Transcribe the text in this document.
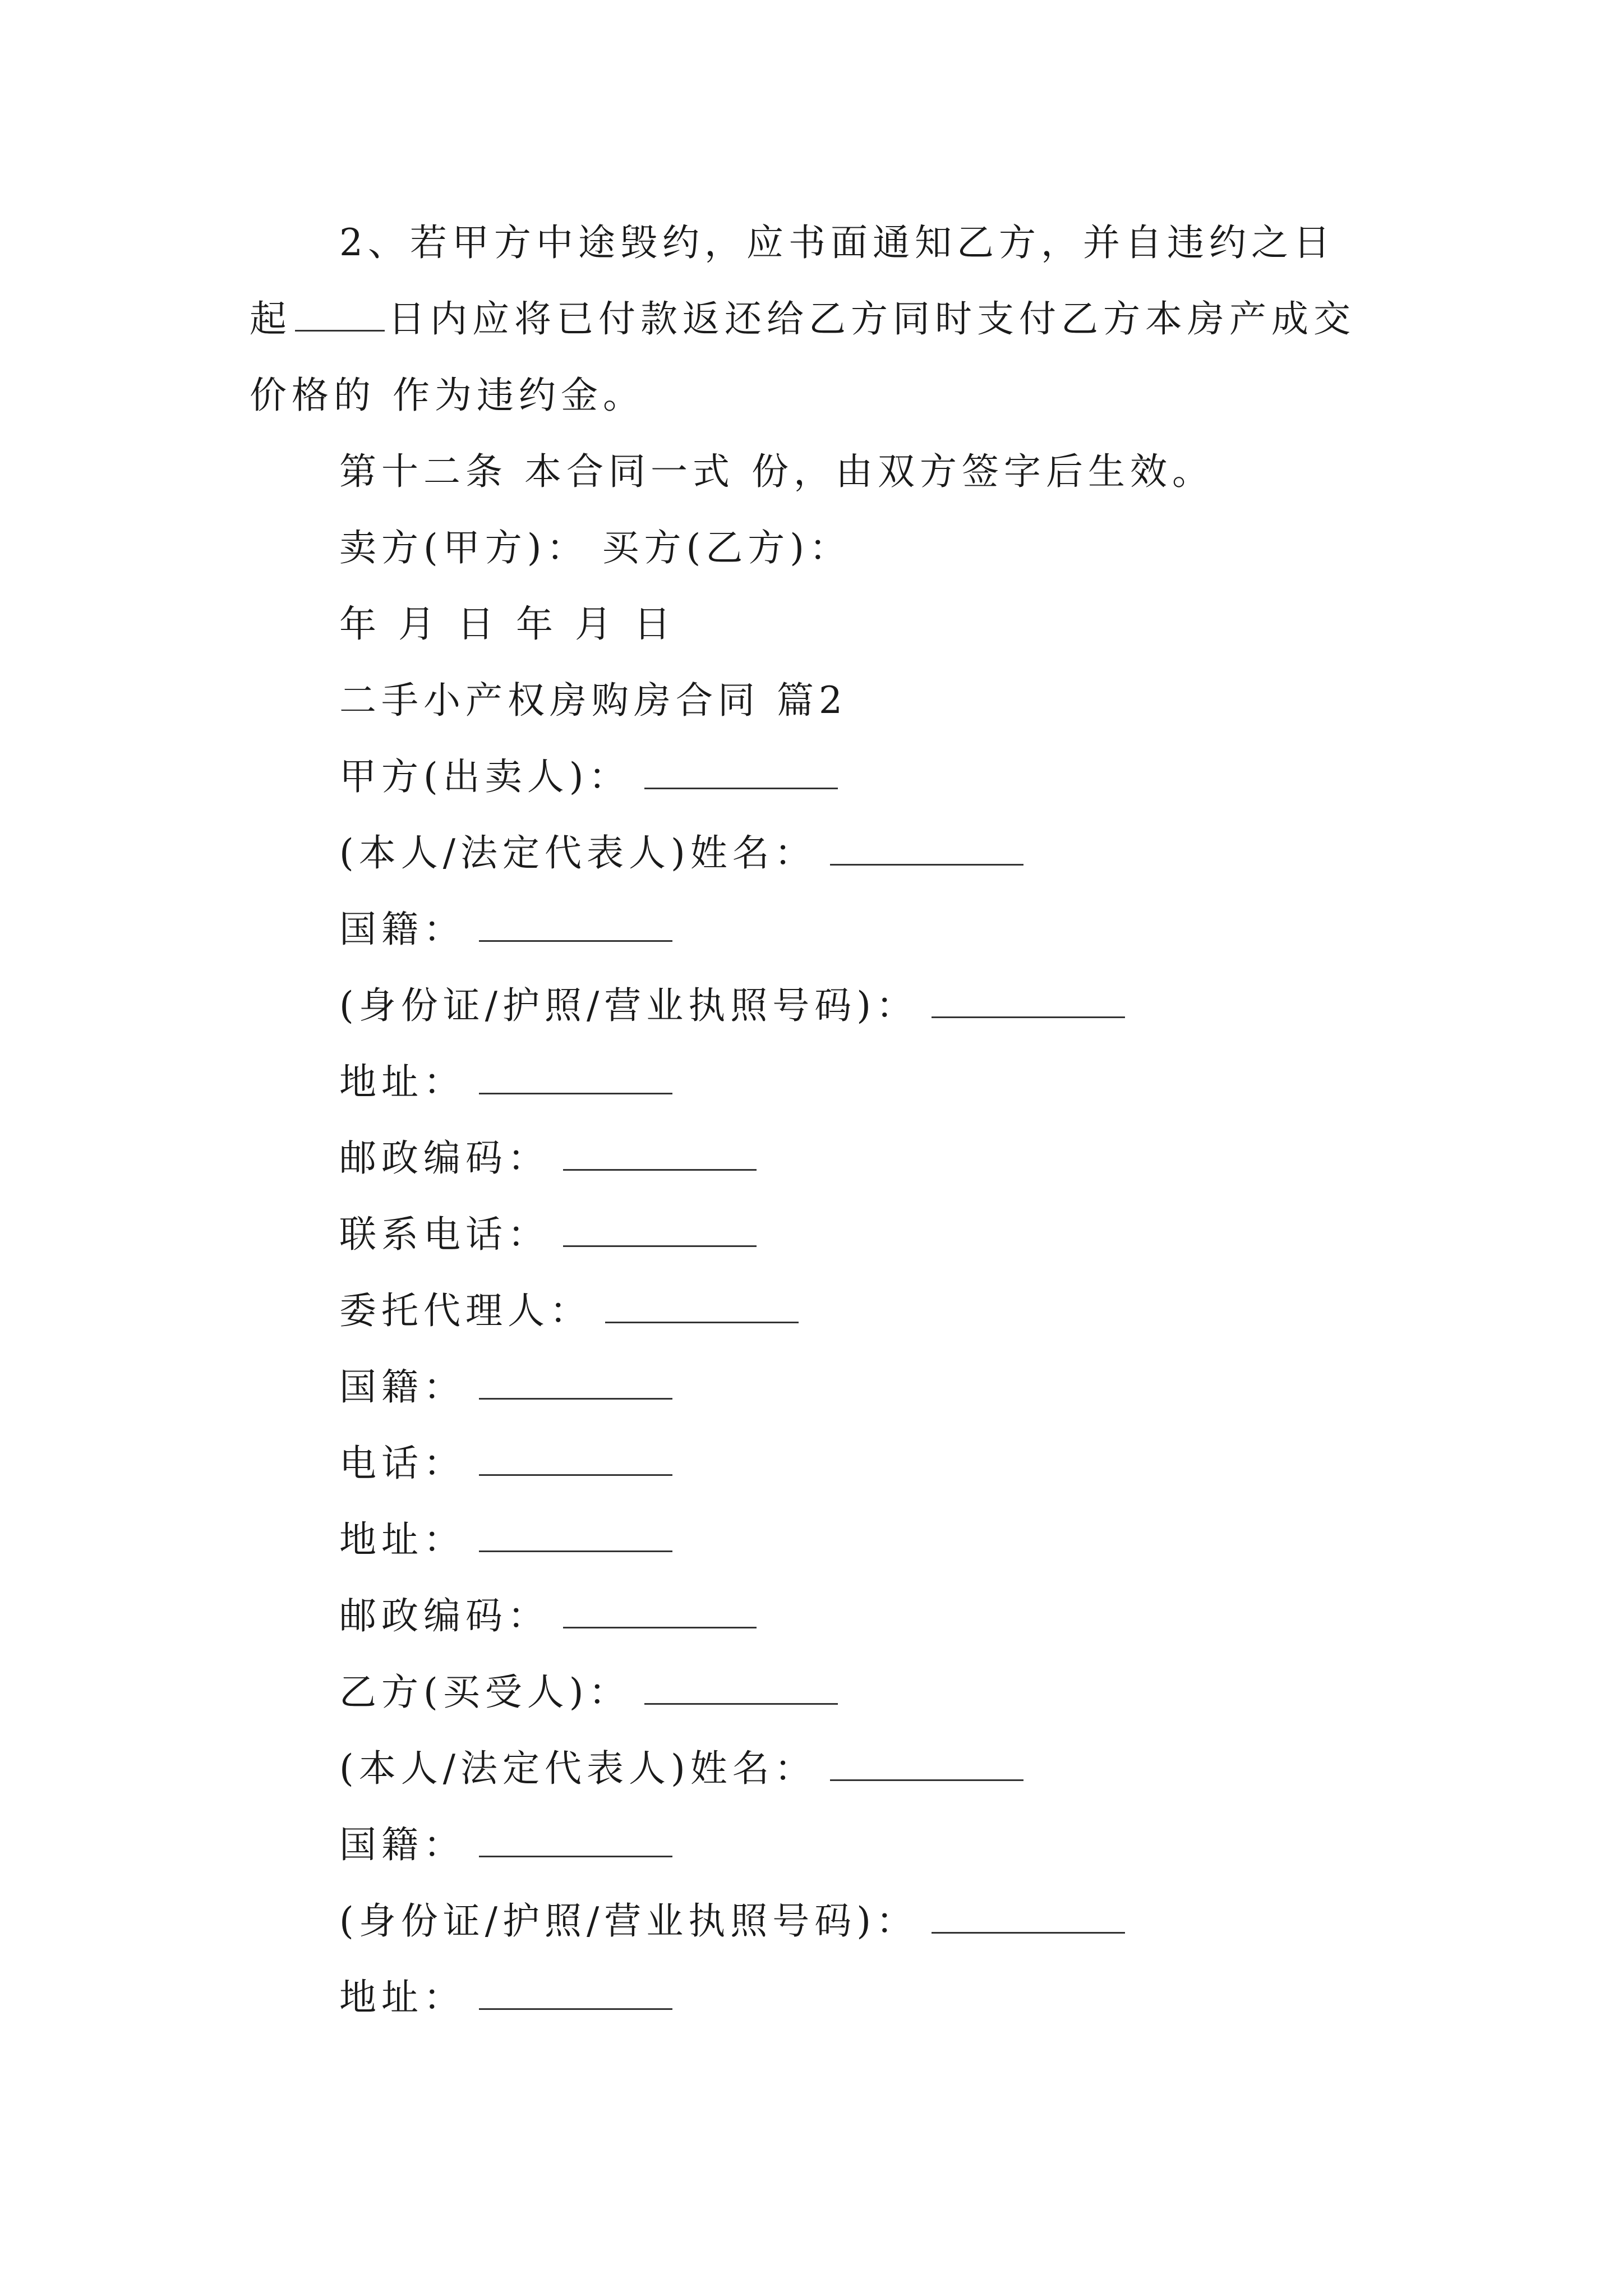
2、若甲方中途毁约，应书面通知乙方，并自违约之日
起	日内应将已付款返还给乙方同时支付乙方本房产成交
价格的 作为违约金。
第十二条 本合同一式 份，由双方签字后生效。
卖方(甲方)： 买方(乙方)：
年 月 日 年 月 日
二手小产权房购房合同 篇2
甲方(出卖人)：
(本人/法定代表人)姓名：
国籍：
(身份证/护照/营业执照号码)：
地址：
邮政编码：
联系电话：
委托代理人：
国籍：
电话：
地址：
邮政编码：
乙方(买受人)：
(本人/法定代表人)姓名：
国籍：
(身份证/护照/营业执照号码)：
地址：
